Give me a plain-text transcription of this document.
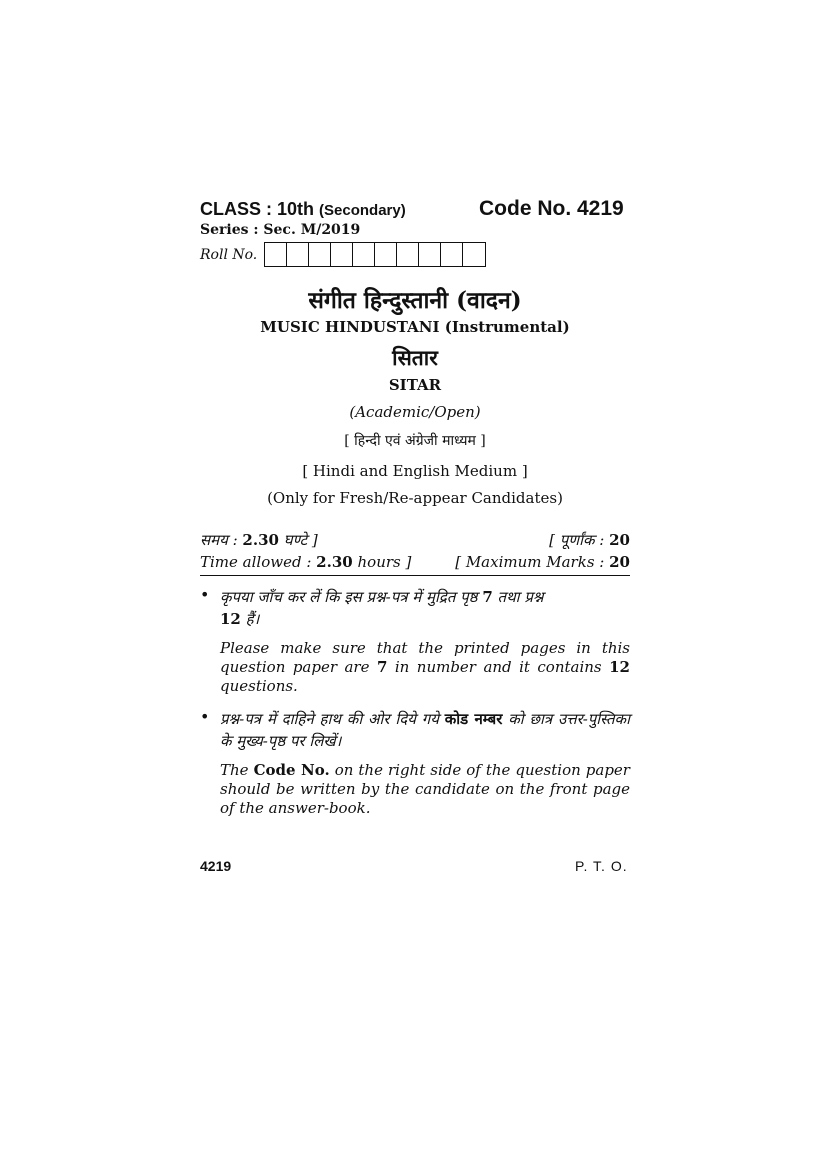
CLASS : 10th (Secondary)	Code No. 4219
Series : Sec. M/2019
Roll No.
संगीत हिन्दुस्तानी (वादन)
MUSIC HINDUSTANI (Instrumental)
सितार
SITAR
(Academic/Open)
[ हिन्दी एवं अंग्रेजी माध्यम ]
[ Hindi and English Medium ]
(Only for Fresh/Re-appear Candidates)
समय : 2.30 घण्टे ]	[ पूर्णांक : 20
Time allowed : 2.30 hours ]	[ Maximum Marks : 20
• कृपया जाँच कर लें कि इस प्रश्न-पत्र में मुद्रित पृष्ठ 7 तथा प्रश्न
12 हैं।
Please make sure that the printed pages in this question paper are 7 in number and it contains 12 questions.
• प्रश्न-पत्र में दाहिने हाथ की ओर दिये गये कोड नम्बर को छात्र उत्तर-पुस्तिका के मुख्य-पृष्ठ पर लिखें।
The Code No. on the right side of the question paper should be written by the candidate on the front page of the answer-book.
4219	P. T. O.
